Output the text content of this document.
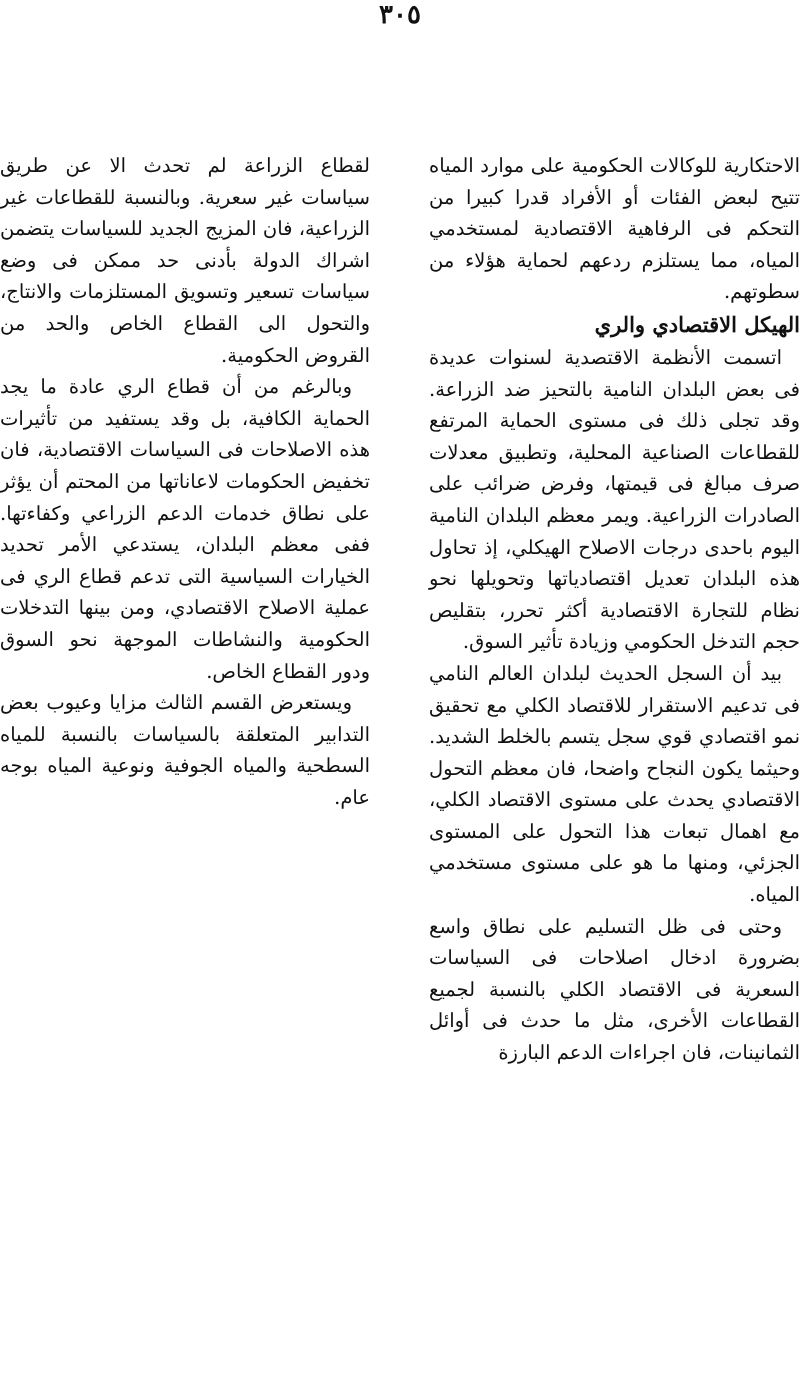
٣٠٥

الاحتكارية للوكالات الحكومية على موارد المياه تتيح لبعض الفئات أو الأفراد قدرا كبيرا من التحكم فى الرفاهية الاقتصادية لمستخدمي المياه، مما يستلزم ردعهم لحماية هؤلاء من سطوتهم.

الهيكل الاقتصادي والري

اتسمت الأنظمة الاقتصدية لسنوات عديدة فى بعض البلدان النامية بالتحيز ضد الزراعة. وقد تجلى ذلك فى مستوى الحماية المرتفع للقطاعات الصناعية المحلية، وتطبيق معدلات صرف مبالغ فى قيمتها، وفرض ضرائب على الصادرات الزراعية. ويمر معظم البلدان النامية اليوم باحدى درجات الاصلاح الهيكلي، إذ تحاول هذه البلدان تعديل اقتصادياتها وتحويلها نحو نظام للتجارة الاقتصادية أكثر تحرر، بتقليص حجم التدخل الحكومي وزيادة تأثير السوق.

بيد أن السجل الحديث لبلدان العالم النامي فى تدعيم الاستقرار للاقتصاد الكلي مع تحقيق نمو اقتصادي قوي سجل يتسم بالخلط الشديد. وحيثما يكون النجاح واضحا، فان معظم التحول الاقتصادي يحدث على مستوى الاقتصاد الكلي، مع اهمال تبعات هذا التحول على المستوى الجزئي، ومنها ما هو على مستوى مستخدمي المياه.

وحتى فى ظل التسليم على نطاق واسع بضرورة ادخال اصلاحات فى السياسات السعرية فى الاقتصاد الكلي بالنسبة لجميع القطاعات الأخرى، مثل ما حدث فى أوائل الثمانينات، فان اجراءات الدعم البارزة

لقطاع الزراعة لم تحدث الا عن طريق سياسات غير سعرية. وبالنسبة للقطاعات غير الزراعية، فان المزيج الجديد للسياسات يتضمن اشراك الدولة بأدنى حد ممكن فى وضع سياسات تسعير وتسويق المستلزمات والانتاج، والتحول الى القطاع الخاص والحد من القروض الحكومية.

وبالرغم من أن قطاع الري عادة ما يجد الحماية الكافية، بل وقد يستفيد من تأثيرات هذه الاصلاحات فى السياسات الاقتصادية، فان تخفيض الحكومات لاعاناتها من المحتم أن يؤثر على نطاق خدمات الدعم الزراعي وكفاءتها. ففى معظم البلدان، يستدعي الأمر تحديد الخيارات السياسية التى تدعم قطاع الري فى عملية الاصلاح الاقتصادي، ومن بينها التدخلات الحكومية والنشاطات الموجهة نحو السوق ودور القطاع الخاص.

ويستعرض القسم الثالث مزايا وعيوب بعض التدابير المتعلقة بالسياسات بالنسبة للمياه السطحية والمياه الجوفية ونوعية المياه بوجه عام.
